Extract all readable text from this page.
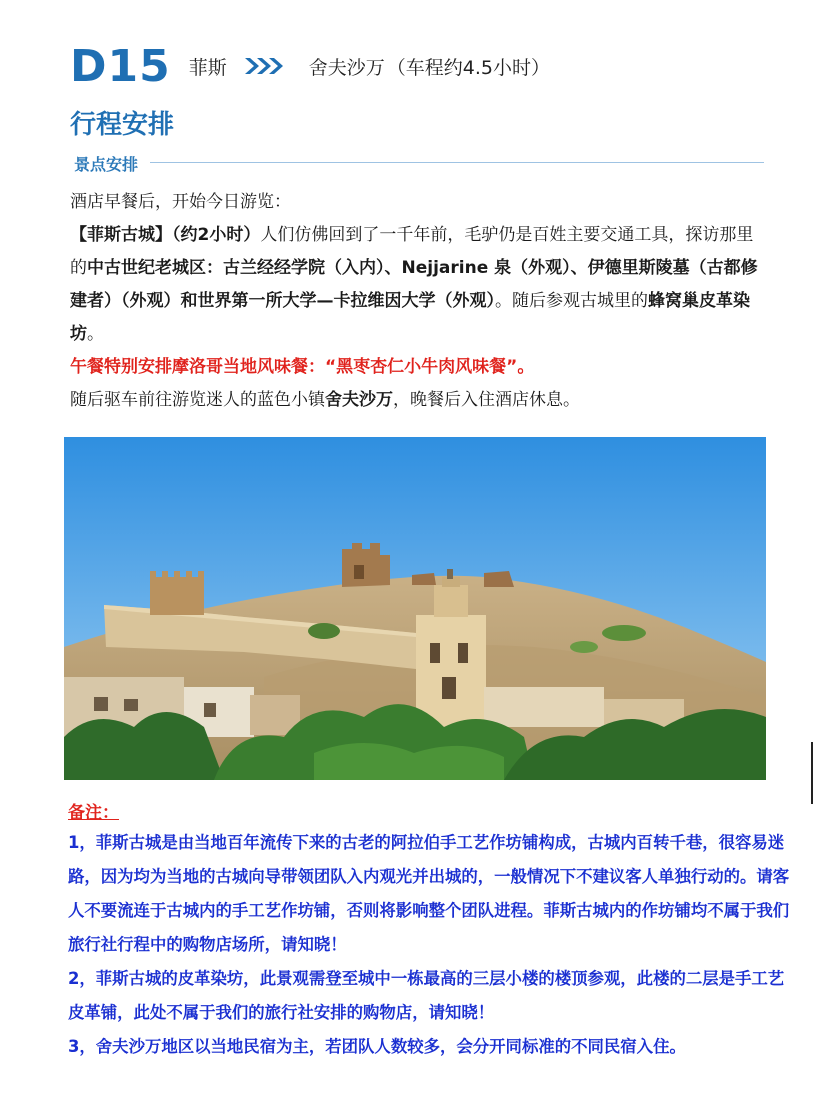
D15 菲斯	舍夫沙万 （车程约4.5小时）
行程安排
景点安排

酒店早餐后，开始今日游览：

【菲斯古城】（约2小时）人们仿佛回到了一千年前，毛驴仍是百姓主要交通工具，探访那里的中古世纪老城区：古兰经经学院（入内）、Nejjarine 泉（外观）、伊德里斯陵墓（古都修建者）（外观）和世界第一所大学—卡拉维因大学（外观）。随后参观古城里的蜂窝巢皮革染坊。

午餐特别安排摩洛哥当地风味餐：“黑枣杏仁小牛肉风味餐”。

随后驱车前往游览迷人的蓝色小镇舍夫沙万，晚餐后入住酒店休息。

备注：

1，菲斯古城是由当地百年流传下来的古老的阿拉伯手工艺作坊铺构成，古城内百转千巷，很容易迷路，因为均为当地的古城向导带领团队入内观光并出城的，一般情况下不建议客人单独行动的。请客人不要流连于古城内的手工艺作坊铺，否则将影响整个团队进程。菲斯古城内的作坊铺均不属于我们旅行社行程中的购物店场所，请知晓！

2，菲斯古城的皮革染坊，此景观需登至城中一栋最高的三层小楼的楼顶参观，此楼的二层是手工艺皮革铺，此处不属于我们的旅行社安排的购物店，请知晓！

3，舍夫沙万地区以当地民宿为主，若团队人数较多，会分开同标准的不同民宿入住。
